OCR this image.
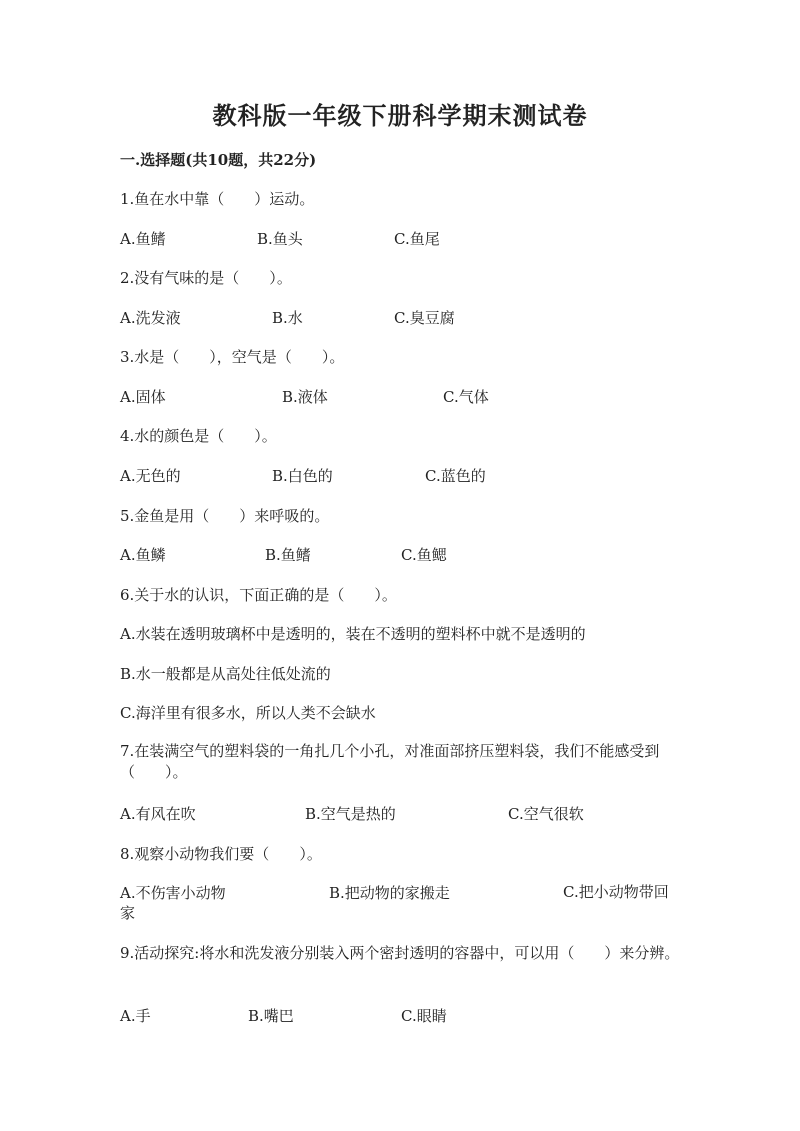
教科版一年级下册科学期末测试卷
一.选择题(共10题，共22分)
1.鱼在水中靠（　　）运动。
A.鱼鳍	B.鱼头	C.鱼尾
2.没有气味的是（　　）。
A.洗发液	B.水	C.臭豆腐
3.水是（　　），空气是（　　）。
A.固体	B.液体	C.气体
4.水的颜色是（　　）。
A.无色的	B.白色的	C.蓝色的
5.金鱼是用（　　）来呼吸的。
A.鱼鳞	B.鱼鳍	C.鱼鳃
6.关于水的认识，下面正确的是（　　）。
A.水装在透明玻璃杯中是透明的，装在不透明的塑料杯中就不是透明的
B.水一般都是从高处往低处流的
C.海洋里有很多水，所以人类不会缺水
7.在装满空气的塑料袋的一角扎几个小孔，对准面部挤压塑料袋，我们不能感受到（　　）。
A.有风在吹	B.空气是热的	C.空气很软
8.观察小动物我们要（　　）。
A.不伤害小动物	B.把动物的家搬走	C.把小动物带回家
9.活动探究:将水和洗发液分别装入两个密封透明的容器中，可以用（　　）来分辨。
A.手	B.嘴巴	C.眼睛
